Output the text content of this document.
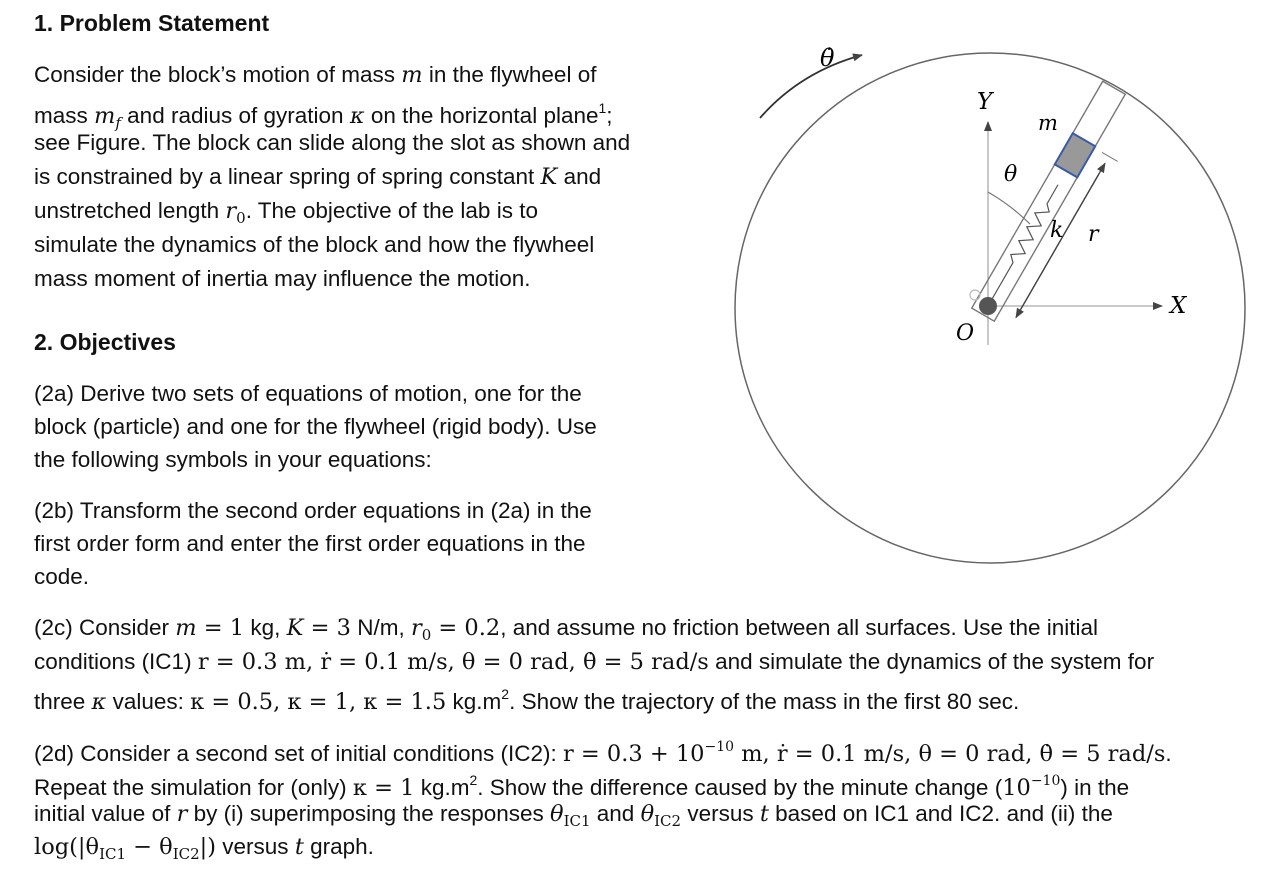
1. Problem Statement

Consider the block’s motion of mass m in the flywheel of

mass $m_f$ and radius of gyration κ on the horizontal plane$^1$;

see Figure. The block can slide along the slot as shown and

is constrained by a linear spring of spring constant K and

unstretched length $r_0$. The objective of the lab is to

simulate the dynamics of the block and how the flywheel

mass moment of inertia may influence the motion.

2. Objectives

(2a) Derive two sets of equations of motion, one for the

block (particle) and one for the flywheel (rigid body). Use

the following symbols in your equations:

(2b) Transform the second order equations in (2a) in the

first order form and enter the first order equations in the

code.

(2c) Consider m = 1 kg, K = 3 N/m, $r_0 = 0.2$, and assume no friction between all surfaces. Use the initial

conditions (IC1) r = 0.3 m, ṙ = 0.1 m/s, θ = 0 rad, θ̇ = 5 rad/s and simulate the dynamics of the system for

three κ values: κ = 0.5, κ = 1, κ = 1.5 $kg.m^2$. Show the trajectory of the mass in the first 80 sec.

(2d) Consider a second set of initial conditions (IC2): $r = 0.3 + 10^{-10}$ m, ṙ = 0.1 m/s, θ = 0 rad, θ̇ = 5 rad/s.

Repeat the simulation for (only) κ = 1 $kg.m^2$. Show the difference caused by the minute change $(10^{-10})$ in the

initial value of r by (i) superimposing the responses $\theta_{IC1}$ and $\theta_{IC2}$ versus t based on IC1 and IC2. and (ii) the

$\log(|\theta_{IC1} - \theta_{IC2}|)$ versus t graph.

θ̇
Y
X
O
θ
m
k r
